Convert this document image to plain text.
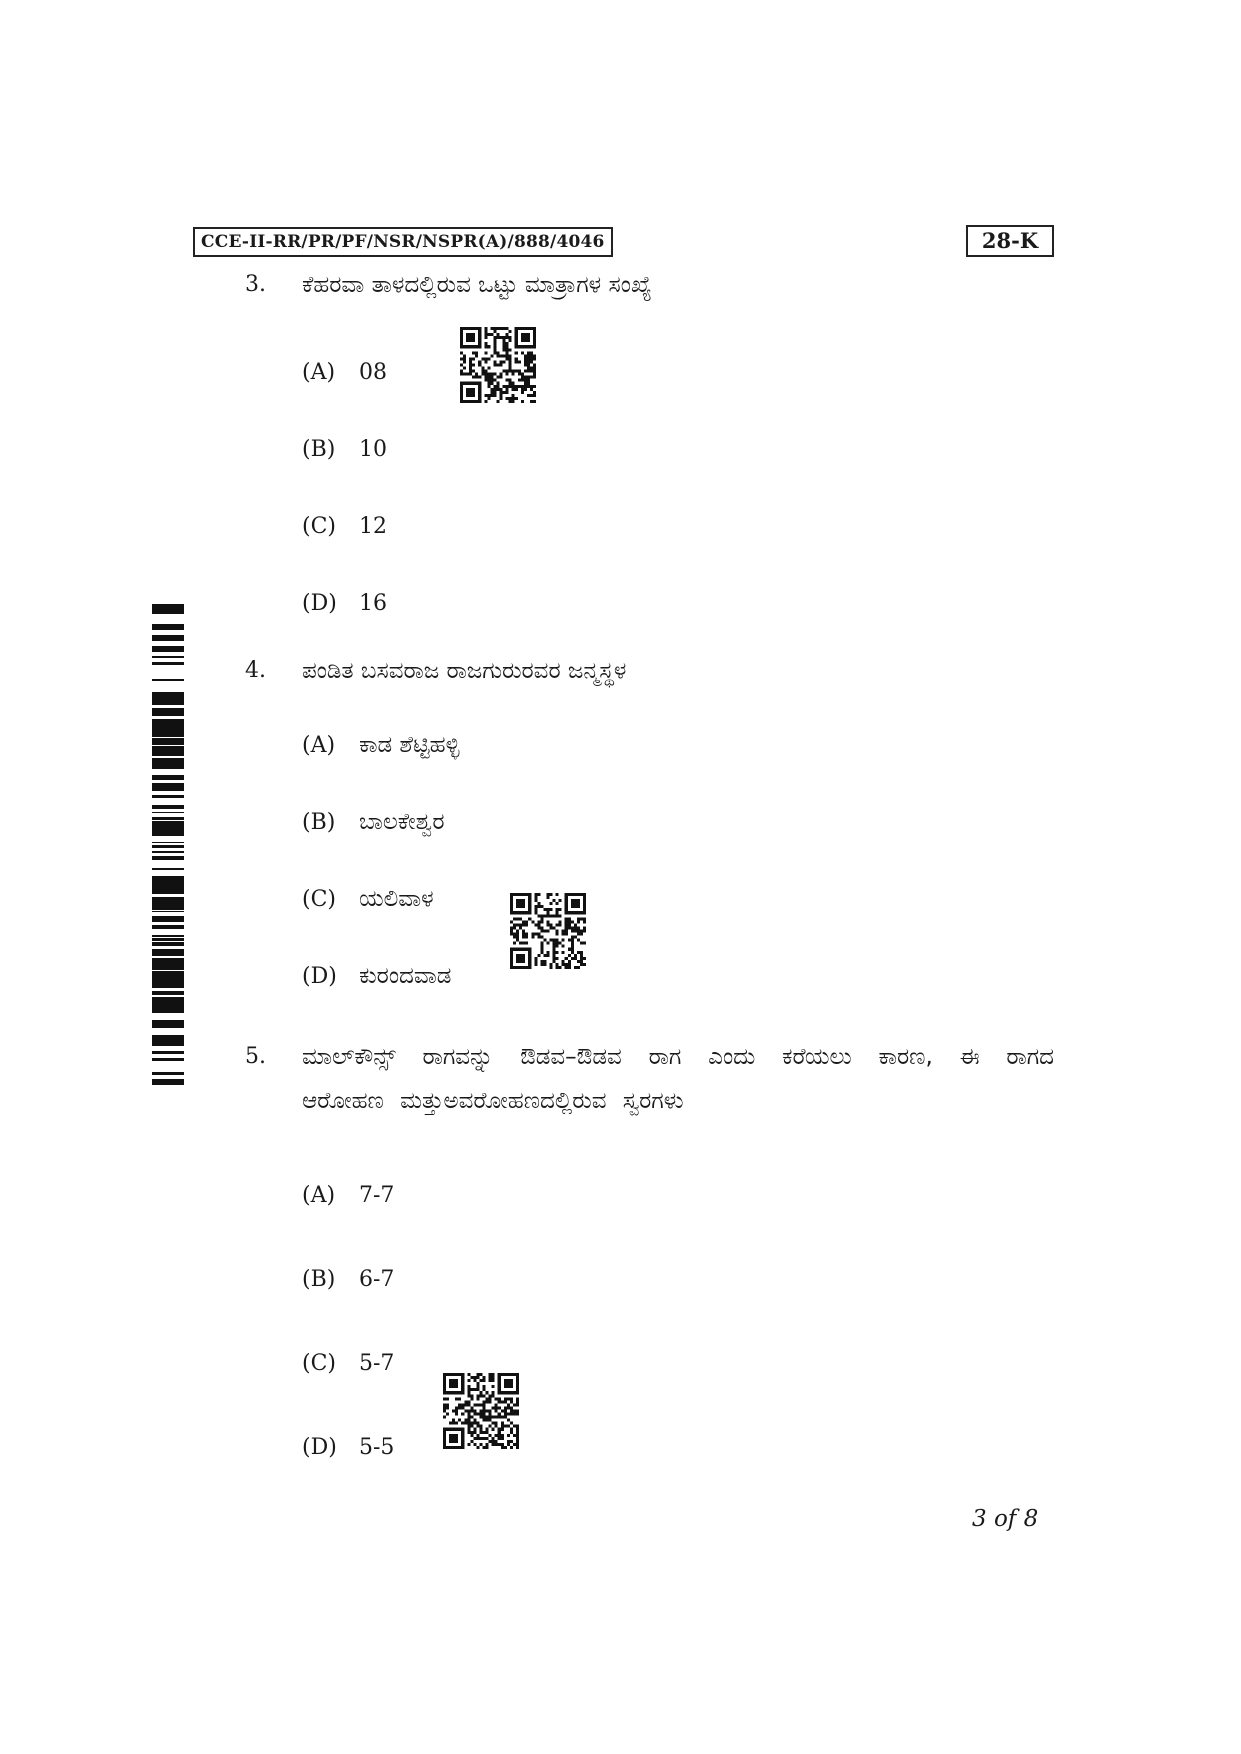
CCE-II-RR/PR/PF/NSR/NSPR(A)/888/4046	28-K
3. ಕೆಹರವಾ ತಾಳದಲ್ಲಿರುವ ಒಟ್ಟು ಮಾತ್ರಾಗಳ ಸಂಖ್ಯೆ
(A) 08
(B) 10
(C) 12
(D) 16
4. ಪಂಡಿತ ಬಸವರಾಜ ರಾಜಗುರುರವರ ಜನ್ಮಸ್ಥಳ
(A) ಕಾಡ ಶೆಟ್ಟಿಹಳ್ಳಿ
(B) ಬಾಲಕೇಶ್ವರ
(C) ಯಲಿವಾಳ
(D) ಕುರಂದವಾಡ
5. ಮಾಲ್‌ಕೌನ್ಸ್ ರಾಗವನ್ನು ಔಡವ–ಔಡವ ರಾಗ ಎಂದು ಕರೆಯಲು ಕಾರಣ, ಈ ರಾಗದ ಆರೋಹಣ ಮತ್ತುಅವರೋಹಣದಲ್ಲಿರುವ ಸ್ವರಗಳು
(A) 7-7
(B) 6-7
(C) 5-7
(D) 5-5
3 of 8
